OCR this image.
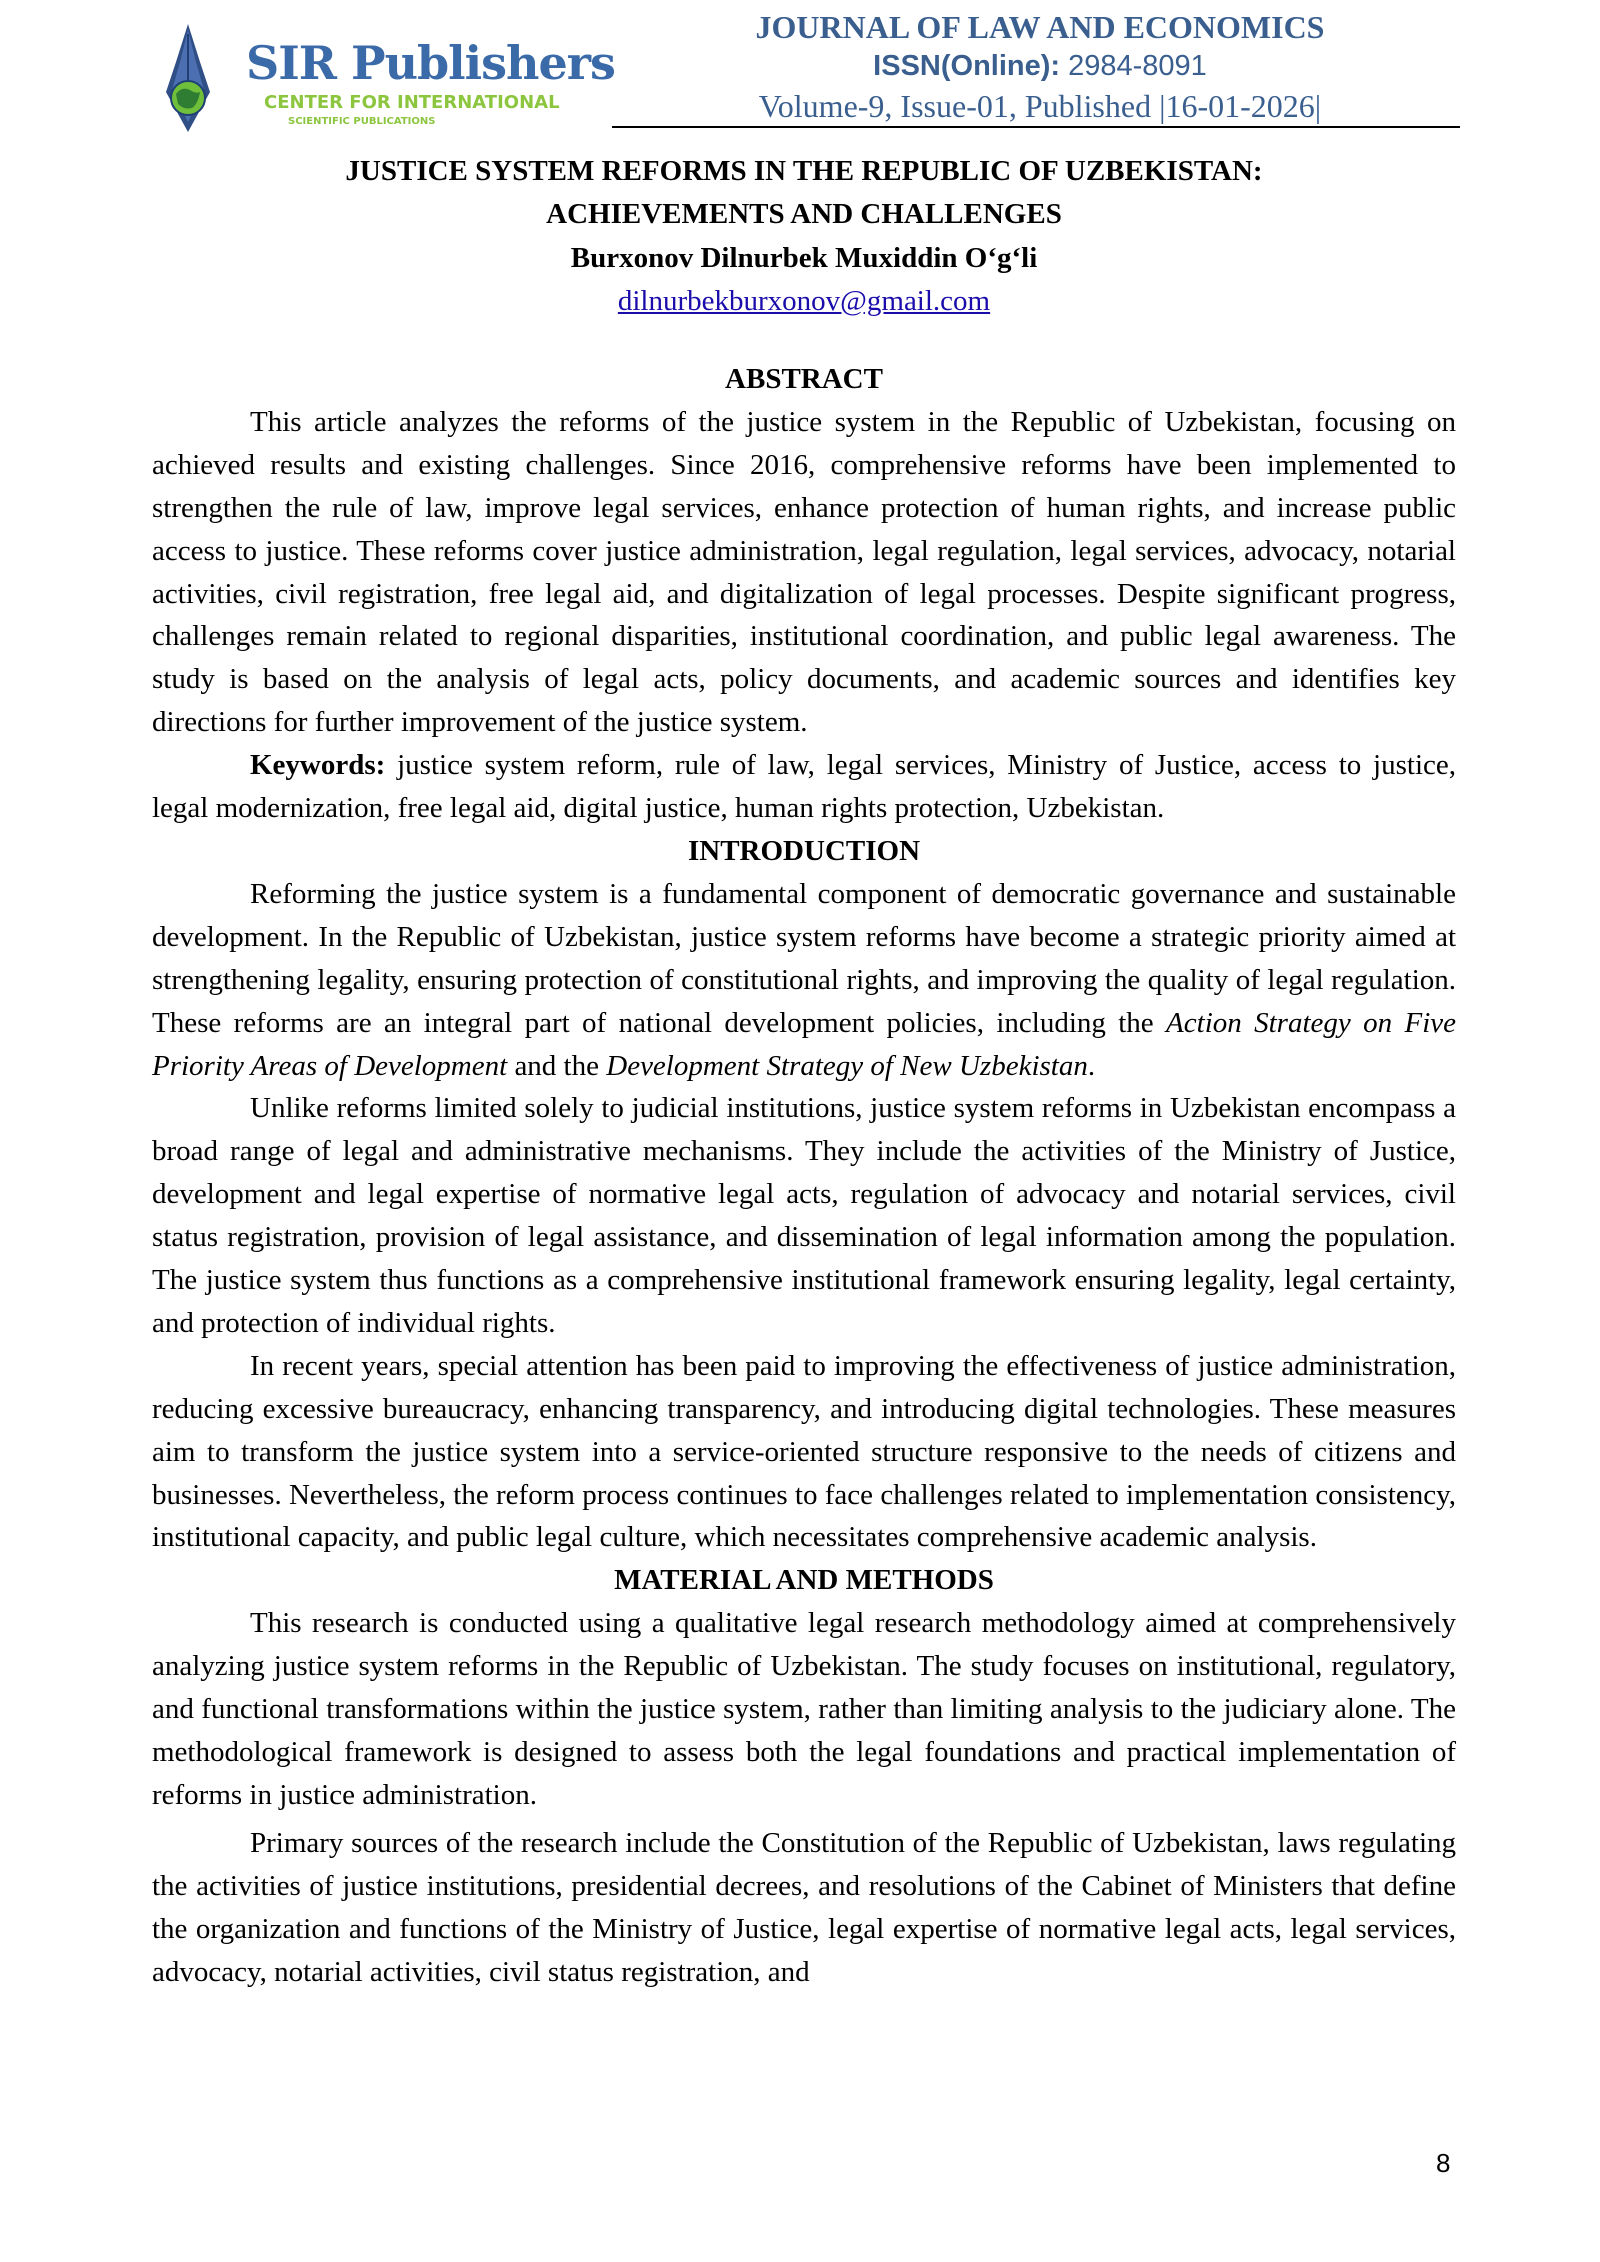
SIR Publishers
CENTER FOR INTERNATIONAL
SCIENTIFIC PUBLICATIONS
JOURNAL OF LAW AND ECONOMICS
ISSN(Online): 2984-8091
Volume-9, Issue-01, Published |16-01-2026|
JUSTICE SYSTEM REFORMS IN THE REPUBLIC OF UZBEKISTAN:
ACHIEVEMENTS AND CHALLENGES
Burxonov Dilnurbek Muxiddin O‘g‘li
dilnurbekburxonov@gmail.com
ABSTRACT

This article analyzes the reforms of the justice system in the Republic of Uzbekistan, focusing on achieved results and existing challenges. Since 2016, comprehensive reforms have been implemented to strengthen the rule of law, improve legal services, enhance protection of human rights, and increase public access to justice. These reforms cover justice administration, legal regulation, legal services, advocacy, notarial activities, civil registration, free legal aid, and digitalization of legal processes. Despite significant progress, challenges remain related to regional disparities, institutional coordination, and public legal awareness. The study is based on the analysis of legal acts, policy documents, and academic sources and identifies key directions for further improvement of the justice system.

Keywords: justice system reform, rule of law, legal services, Ministry of Justice, access to justice, legal modernization, free legal aid, digital justice, human rights protection, Uzbekistan.

INTRODUCTION

Reforming the justice system is a fundamental component of democratic governance and sustainable development. In the Republic of Uzbekistan, justice system reforms have become a strategic priority aimed at strengthening legality, ensuring protection of constitutional rights, and improving the quality of legal regulation. These reforms are an integral part of national development policies, including the Action Strategy on Five Priority Areas of Development and the Development Strategy of New Uzbekistan.

Unlike reforms limited solely to judicial institutions, justice system reforms in Uzbekistan encompass a broad range of legal and administrative mechanisms. They include the activities of the Ministry of Justice, development and legal expertise of normative legal acts, regulation of advocacy and notarial services, civil status registration, provision of legal assistance, and dissemination of legal information among the population. The justice system thus functions as a comprehensive institutional framework ensuring legality, legal certainty, and protection of individual rights.

In recent years, special attention has been paid to improving the effectiveness of justice administration, reducing excessive bureaucracy, enhancing transparency, and introducing digital technologies. These measures aim to transform the justice system into a service-oriented structure responsive to the needs of citizens and businesses. Nevertheless, the reform process continues to face challenges related to implementation consistency, institutional capacity, and public legal culture, which necessitates comprehensive academic analysis.

MATERIAL AND METHODS

This research is conducted using a qualitative legal research methodology aimed at comprehensively analyzing justice system reforms in the Republic of Uzbekistan. The study focuses on institutional, regulatory, and functional transformations within the justice system, rather than limiting analysis to the judiciary alone. The methodological framework is designed to assess both the legal foundations and practical implementation of reforms in justice administration.

Primary sources of the research include the Constitution of the Republic of Uzbekistan, laws regulating the activities of justice institutions, presidential decrees, and resolutions of the Cabinet of Ministers that define the organization and functions of the Ministry of Justice, legal expertise of normative legal acts, legal services, advocacy, notarial activities, civil status registration, and

8
